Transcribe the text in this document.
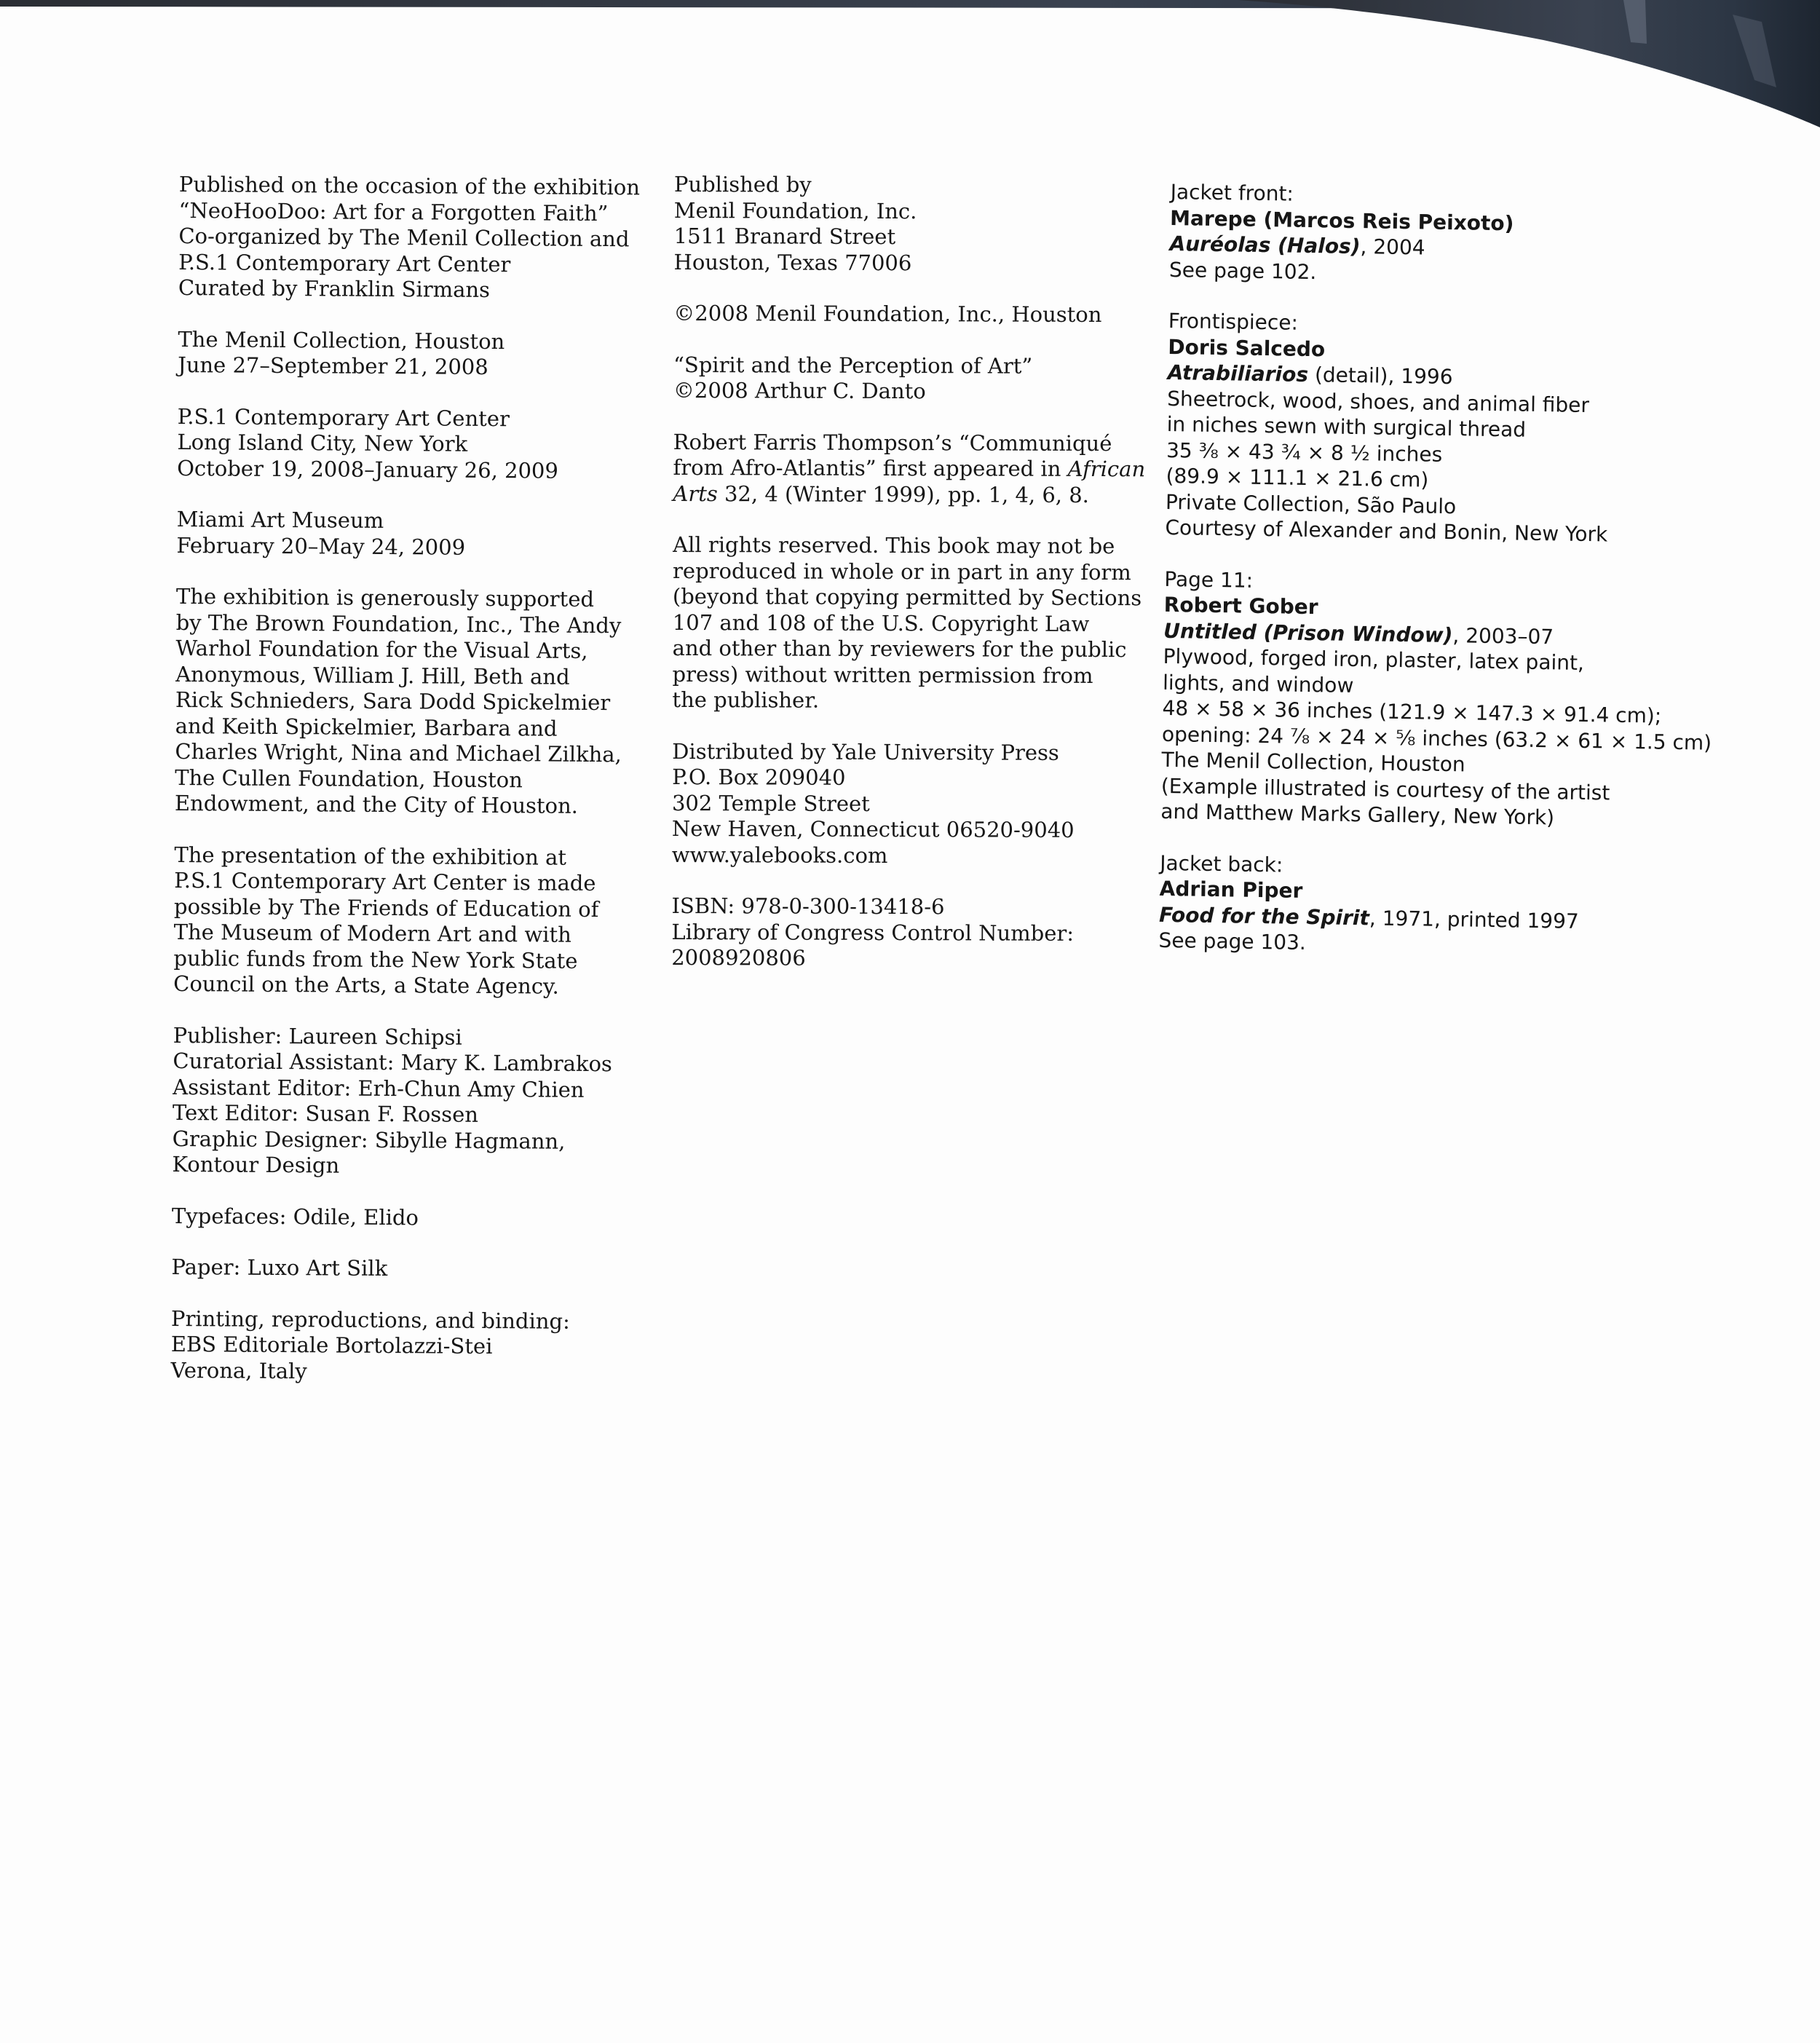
Published on the occasion of the exhibition
“NeoHooDoo: Art for a Forgotten Faith”
Co-organized by The Menil Collection and
P.S.1 Contemporary Art Center
Curated by Franklin Sirmans
The Menil Collection, Houston
June 27–September 21, 2008
P.S.1 Contemporary Art Center
Long Island City, New York
October 19, 2008–January 26, 2009
Miami Art Museum
February 20–May 24, 2009
The exhibition is generously supported
by The Brown Foundation, Inc., The Andy
Warhol Foundation for the Visual Arts,
Anonymous, William J. Hill, Beth and
Rick Schnieders, Sara Dodd Spickelmier
and Keith Spickelmier, Barbara and
Charles Wright, Nina and Michael Zilkha,
The Cullen Foundation, Houston
Endowment, and the City of Houston.
The presentation of the exhibition at
P.S.1 Contemporary Art Center is made
possible by The Friends of Education of
The Museum of Modern Art and with
public funds from the New York State
Council on the Arts, a State Agency.
Publisher: Laureen Schipsi
Curatorial Assistant: Mary K. Lambrakos
Assistant Editor: Erh-Chun Amy Chien
Text Editor: Susan F. Rossen
Graphic Designer: Sibylle Hagmann,
Kontour Design
Typefaces: Odile, Elido
Paper: Luxo Art Silk
Printing, reproductions, and binding:
EBS Editoriale Bortolazzi-Stei
Verona, Italy
Published by
Menil Foundation, Inc.
1511 Branard Street
Houston, Texas 77006
©2008 Menil Foundation, Inc., Houston
“Spirit and the Perception of Art”
©2008 Arthur C. Danto
Robert Farris Thompson’s “Communiqué
from Afro-Atlantis” first appeared in African
Arts 32, 4 (Winter 1999), pp. 1, 4, 6, 8.
All rights reserved. This book may not be
reproduced in whole or in part in any form
(beyond that copying permitted by Sections
107 and 108 of the U.S. Copyright Law
and other than by reviewers for the public
press) without written permission from
the publisher.
Distributed by Yale University Press
P.O. Box 209040
302 Temple Street
New Haven, Connecticut 06520-9040
www.yalebooks.com
ISBN: 978-0-300-13418-6
Library of Congress Control Number:
2008920806
Jacket front:
Marepe (Marcos Reis Peixoto)
Auréolas (Halos), 2004
See page 102.
Frontispiece:
Doris Salcedo
Atrabiliarios (detail), 1996
Sheetrock, wood, shoes, and animal fiber
in niches sewn with surgical thread
35 ⅜ × 43 ¾ × 8 ½ inches
(89.9 × 111.1 × 21.6 cm)
Private Collection, São Paulo
Courtesy of Alexander and Bonin, New York
Page 11:
Robert Gober
Untitled (Prison Window), 2003–07
Plywood, forged iron, plaster, latex paint,
lights, and window
48 × 58 × 36 inches (121.9 × 147.3 × 91.4 cm);
opening: 24 ⅞ × 24 × ⅝ inches (63.2 × 61 × 1.5 cm)
The Menil Collection, Houston
(Example illustrated is courtesy of the artist
and Matthew Marks Gallery, New York)
Jacket back:
Adrian Piper
Food for the Spirit, 1971, printed 1997
See page 103.
